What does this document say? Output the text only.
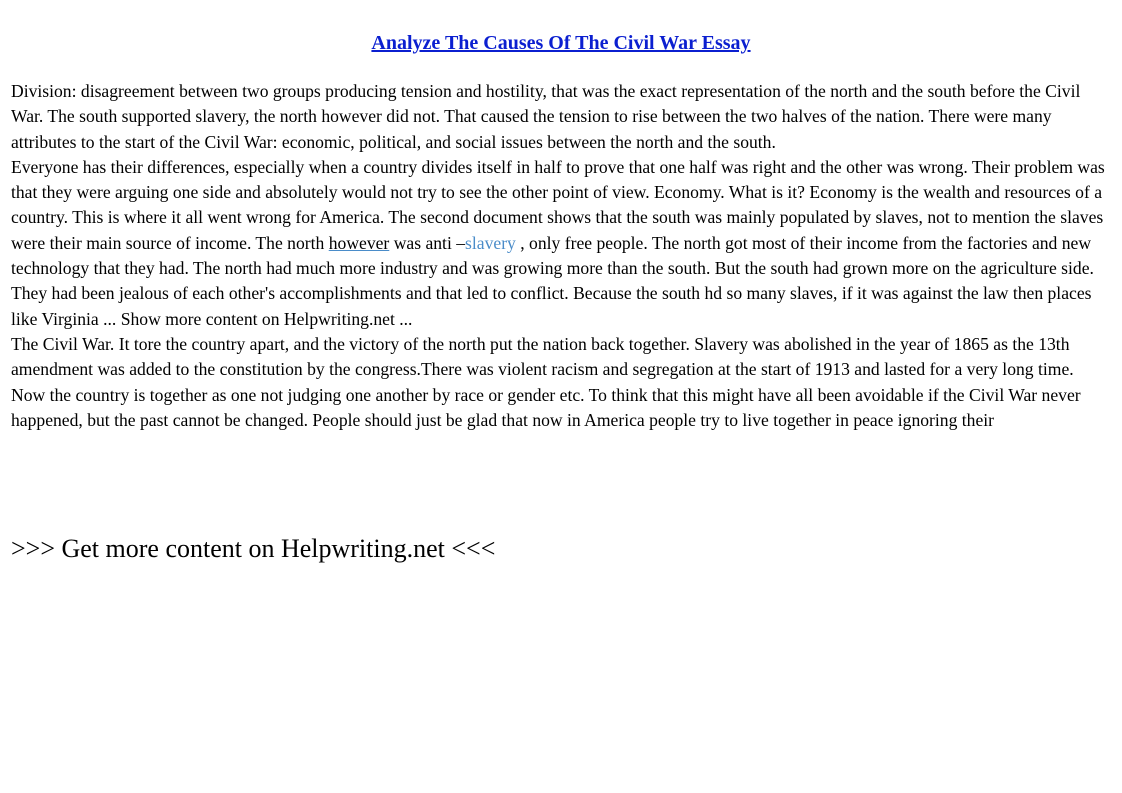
Analyze The Causes Of The Civil War Essay

Division: disagreement between two groups producing tension and hostility, that was the exact representation of the north and the south before the Civil War. The south supported slavery, the north however did not. That caused the tension to rise between the two halves of the nation. There were many attributes to the start of the Civil War: economic, political, and social issues between the north and the south.

Everyone has their differences, especially when a country divides itself in half to prove that one half was right and the other was wrong. Their problem was that they were arguing one side and absolutely would not try to see the other point of view. Economy. What is it? Economy is the wealth and resources of a country. This is where it all went wrong for America. The second document shows that the south was mainly populated by slaves, not to mention the slaves were their main source of income. The north however was anti –slavery , only free people. The north got most of their income from the factories and new technology that they had. The north had much more industry and was growing more than the south. But the south had grown more on the agriculture side. They had been jealous of each other's accomplishments and that led to conflict. Because the south hd so many slaves, if it was against the law then places like Virginia ... Show more content on Helpwriting.net ...

The Civil War. It tore the country apart, and the victory of the north put the nation back together. Slavery was abolished in the year of 1865 as the 13th amendment was added to the constitution by the congress.There was violent racism and segregation at the start of 1913 and lasted for a very long time. Now the country is together as one not judging one another by race or gender etc. To think that this might have all been avoidable if the Civil War never happened, but the past cannot be changed. People should just be glad that now in America people try to live together in peace ignoring their

>>> Get more content on Helpwriting.net <<<
